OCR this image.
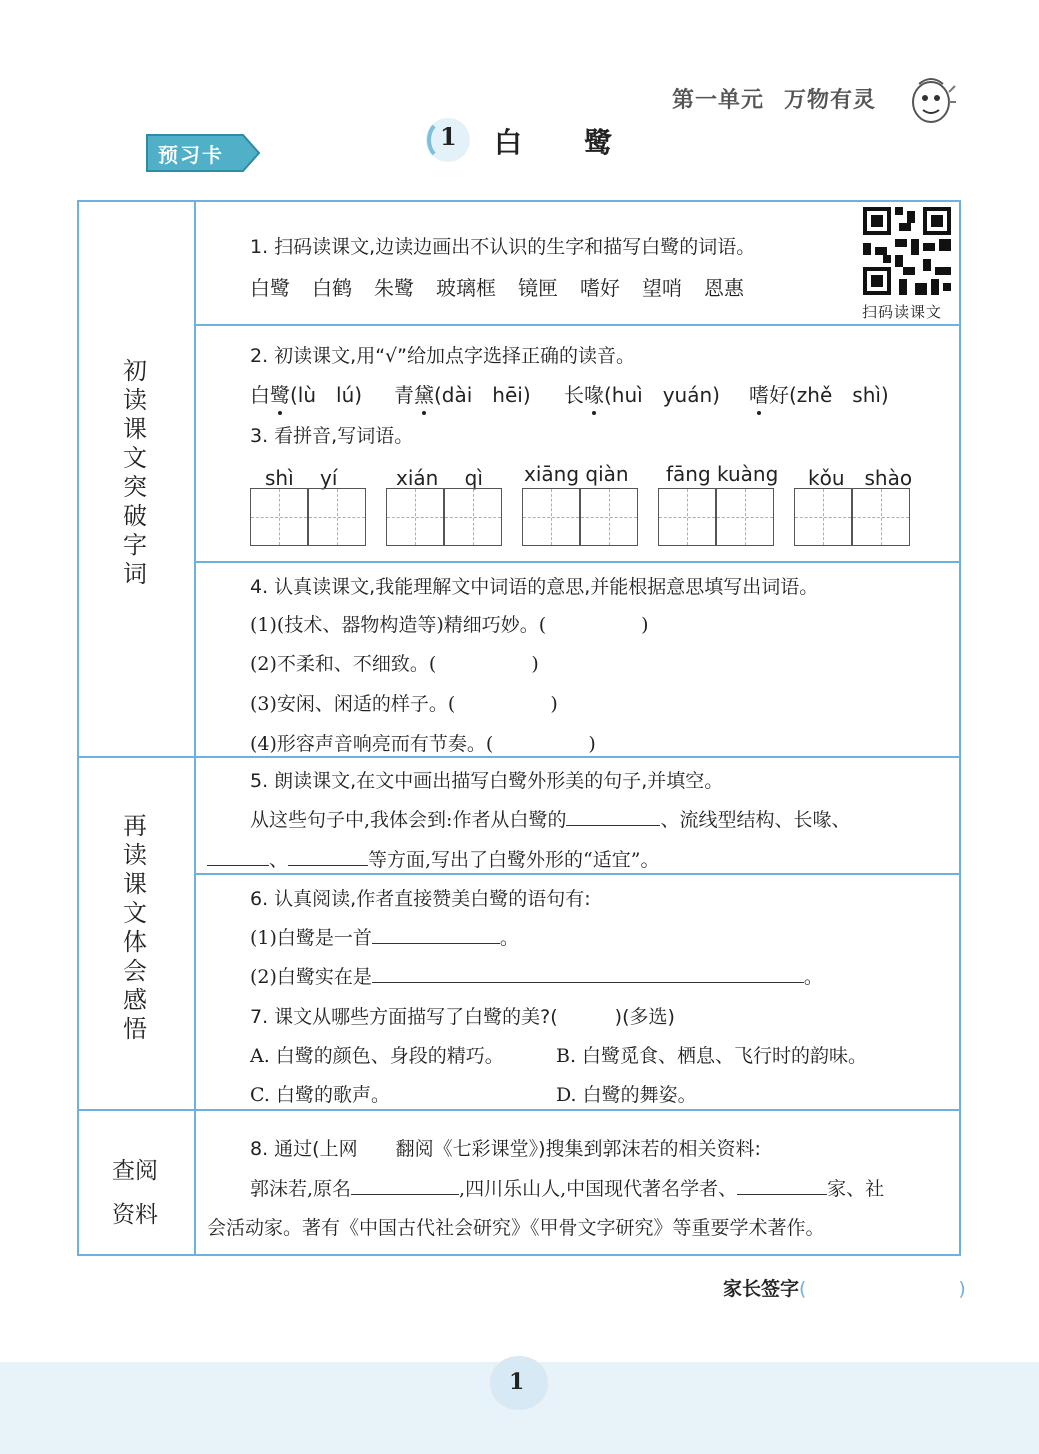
第一单元 万物有灵
预习卡
1 白鹭
初读课文　突破字词
再读课文　体会感悟
查阅资料
1. 扫码读课文,边读边画出不认识的生字和描写白鹭的词语。
白鹭 白鹤 朱鹭 玻璃框 镜匣 嗜好 望哨 恩惠
扫码读课文
2. 初读课文,用“√”给加点字选择正确的读音。
白鹭(lù　lú) 青黛(dài　hēi) 长喙(huì　yuán) 嗜好(zhě　shì)
3. 看拼音,写词语。
shì　 yí	xián　 qì xiāng qiàn fāng kuàng kǒu　shào
4. 认真读课文,我能理解文中词语的意思,并能根据意思填写出词语。
(1)(技术、器物构造等)精细巧妙。(　　　　　)
(2)不柔和、不细致。(　　　　　)
(3)安闲、闲适的样子。(　　　　　)
(4)形容声音响亮而有节奏。(　　　　　)
5. 朗读课文,在文中画出描写白鹭外形美的句子,并填空。
从这些句子中,我体会到:作者从白鹭的	、流线型结构、长喙、
、	等方面,写出了白鹭外形的“适宜”。
6. 认真阅读,作者直接赞美白鹭的语句有:
(1)白鹭是一首	。
(2)白鹭实在是	。
7. 课文从哪些方面描写了白鹭的美?(　　　)(多选)
A. 白鹭的颜色、身段的精巧。	B. 白鹭觅食、栖息、飞行时的韵味。
C. 白鹭的歌声。	D. 白鹭的舞姿。
8. 通过(上网　　翻阅《七彩课堂》)搜集到郭沫若的相关资料:
郭沫若,原名	,四川乐山人,中国现代著名学者、	家、社
会活动家。著有《中国古代社会研究》《甲骨文字研究》等重要学术著作。
家长签字(　　　　　　　　)
1
